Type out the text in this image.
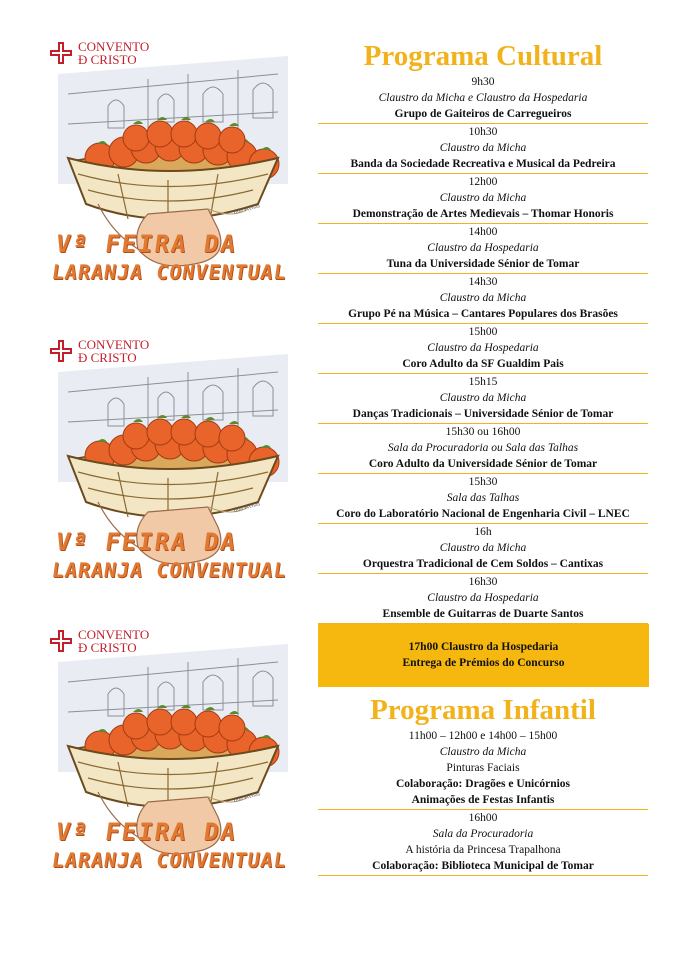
Ilda Freitas
CONVENTO
Đ CRISTO
Vª FEIRA DA
LARANJA CONVENTUAL
Ilda Freitas
CONVENTO
Đ CRISTO
Vª FEIRA DA
LARANJA CONVENTUAL
Ilda Freitas
CONVENTO
Đ CRISTO
Vª FEIRA DA
LARANJA CONVENTUAL
Programa Cultural
9h30
Claustro da Micha e Claustro da Hospedaria
Grupo de Gaiteiros de Carregueiros
10h30
Claustro da Micha
Banda da Sociedade Recreativa e Musical da Pedreira
12h00
Claustro da Micha
Demonstração de Artes Medievais – Thomar Honoris
14h00
Claustro da Hospedaria
Tuna da Universidade Sénior de Tomar
14h30
Claustro da Micha
Grupo Pé na Música – Cantares Populares dos Brasões
15h00
Claustro da Hospedaria
Coro Adulto da SF Gualdim Pais
15h15
Claustro da Micha
Danças Tradicionais – Universidade Sénior de Tomar
15h30 ou 16h00
Sala da Procuradoria ou Sala das Talhas
Coro Adulto da Universidade Sénior de Tomar
15h30
Sala das Talhas
Coro do Laboratório Nacional de Engenharia Civil – LNEC
16h
Claustro da Micha
Orquestra Tradicional de Cem Soldos – Cantixas
16h30
Claustro da Hospedaria
Ensemble de Guitarras de Duarte Santos
17h00 Claustro da Hospedaria
Entrega de Prémios do Concurso
Programa Infantil
11h00 – 12h00 e 14h00 – 15h00
Claustro da Micha
Pinturas Faciais
Colaboração: Dragões e Unicórnios
Animações de Festas Infantis
16h00
Sala da Procuradoria
A história da Princesa Trapalhona
Colaboração: Biblioteca Municipal de Tomar
